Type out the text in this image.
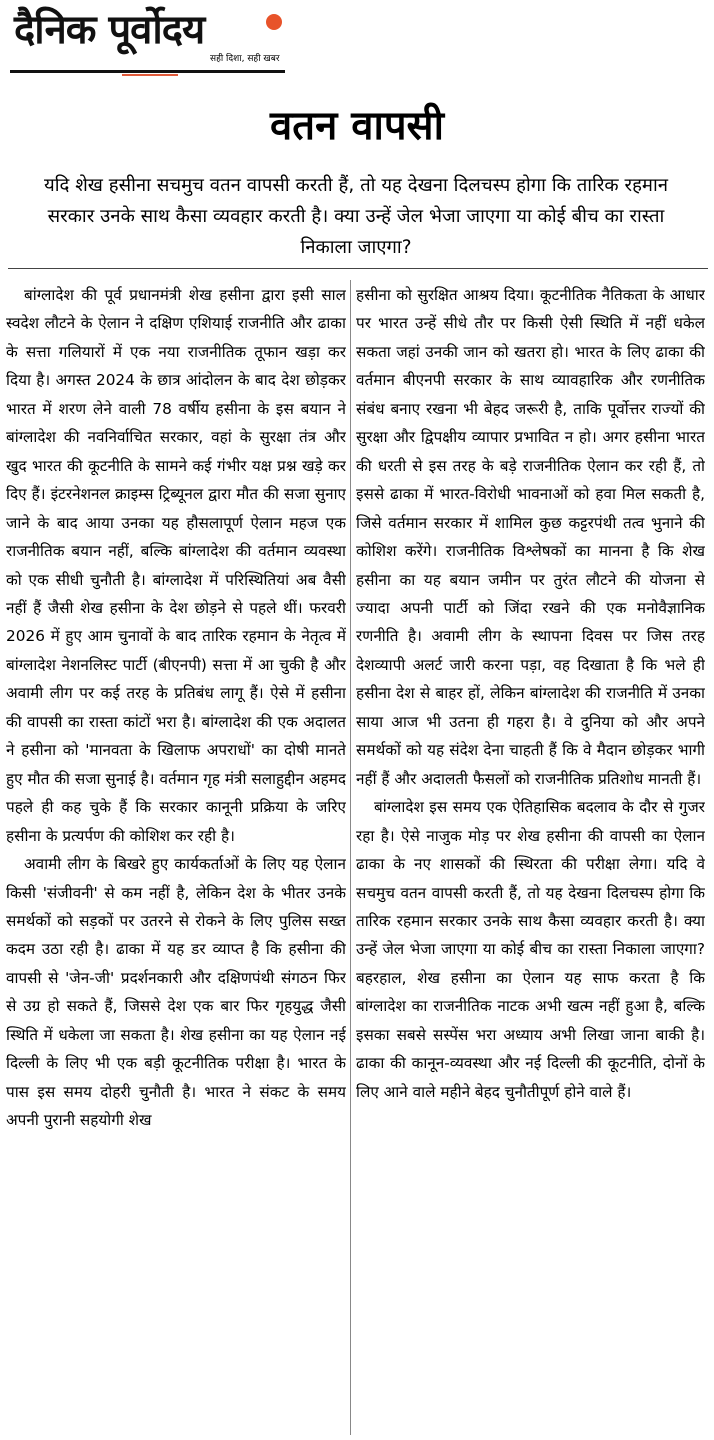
दैनिक पूर्वोदय
सही दिशा, सही खबर
वतन वापसी
यदि शेख हसीना सचमुच वतन वापसी करती हैं, तो यह देखना दिलचस्प होगा कि तारिक रहमान सरकार उनके साथ कैसा व्यवहार करती है। क्या उन्हें जेल भेजा जाएगा या कोई बीच का रास्ता निकाला जाएगा?

बांग्लादेश की पूर्व प्रधानमंत्री शेख हसीना द्वारा इसी साल स्वदेश लौटने के ऐलान ने दक्षिण एशियाई राजनीति और ढाका के सत्ता गलियारों में एक नया राजनीतिक तूफान खड़ा कर दिया है। अगस्त 2024 के छात्र आंदोलन के बाद देश छोड़कर भारत में शरण लेने वाली 78 वर्षीय हसीना के इस बयान ने बांग्लादेश की नवनिर्वाचित सरकार, वहां के सुरक्षा तंत्र और खुद भारत की कूटनीति के सामने कई गंभीर यक्ष प्रश्न खड़े कर दिए हैं। इंटरनेशनल क्राइम्स ट्रिब्यूनल द्वारा मौत की सजा सुनाए जाने के बाद आया उनका यह हौसलापूर्ण ऐलान महज एक राजनीतिक बयान नहीं, बल्कि बांग्लादेश की वर्तमान व्यवस्था को एक सीधी चुनौती है। बांग्लादेश में परिस्थितियां अब वैसी नहीं हैं जैसी शेख हसीना के देश छोड़ने से पहले थीं। फरवरी 2026 में हुए आम चुनावों के बाद तारिक रहमान के नेतृत्व में बांग्लादेश नेशनलिस्ट पार्टी (बीएनपी) सत्ता में आ चुकी है और अवामी लीग पर कई तरह के प्रतिबंध लागू हैं। ऐसे में हसीना की वापसी का रास्ता कांटों भरा है। बांग्लादेश की एक अदालत ने हसीना को 'मानवता के खिलाफ अपराधों' का दोषी मानते हुए मौत की सजा सुनाई है। वर्तमान गृह मंत्री सलाहुद्दीन अहमद पहले ही कह चुके हैं कि सरकार कानूनी प्रक्रिया के जरिए हसीना के प्रत्यर्पण की कोशिश कर रही है।

अवामी लीग के बिखरे हुए कार्यकर्ताओं के लिए यह ऐलान किसी 'संजीवनी' से कम नहीं है, लेकिन देश के भीतर उनके समर्थकों को सड़कों पर उतरने से रोकने के लिए पुलिस सख्त कदम उठा रही है। ढाका में यह डर व्याप्त है कि हसीना की वापसी से 'जेन-जी' प्रदर्शनकारी और दक्षिणपंथी संगठन फिर से उग्र हो सकते हैं, जिससे देश एक बार फिर गृहयुद्ध जैसी स्थिति में धकेला जा सकता है। शेख हसीना का यह ऐलान नई दिल्ली के लिए भी एक बड़ी कूटनीतिक परीक्षा है। भारत के पास इस समय दोहरी चुनौती है। भारत ने संकट के समय अपनी पुरानी सहयोगी शेख

हसीना को सुरक्षित आश्रय दिया। कूटनीतिक नैतिकता के आधार पर भारत उन्हें सीधे तौर पर किसी ऐसी स्थिति में नहीं धकेल सकता जहां उनकी जान को खतरा हो। भारत के लिए ढाका की वर्तमान बीएनपी सरकार के साथ व्यावहारिक और रणनीतिक संबंध बनाए रखना भी बेहद जरूरी है, ताकि पूर्वोत्तर राज्यों की सुरक्षा और द्विपक्षीय व्यापार प्रभावित न हो। अगर हसीना भारत की धरती से इस तरह के बड़े राजनीतिक ऐलान कर रही हैं, तो इससे ढाका में भारत-विरोधी भावनाओं को हवा मिल सकती है, जिसे वर्तमान सरकार में शामिल कुछ कट्टरपंथी तत्व भुनाने की कोशिश करेंगे। राजनीतिक विश्लेषकों का मानना है कि शेख हसीना का यह बयान जमीन पर तुरंत लौटने की योजना से ज्यादा अपनी पार्टी को जिंदा रखने की एक मनोवैज्ञानिक रणनीति है। अवामी लीग के स्थापना दिवस पर जिस तरह देशव्यापी अलर्ट जारी करना पड़ा, वह दिखाता है कि भले ही हसीना देश से बाहर हों, लेकिन बांग्लादेश की राजनीति में उनका साया आज भी उतना ही गहरा है। वे दुनिया को और अपने समर्थकों को यह संदेश देना चाहती हैं कि वे मैदान छोड़कर भागी नहीं हैं और अदालती फैसलों को राजनीतिक प्रतिशोध मानती हैं।

बांग्लादेश इस समय एक ऐतिहासिक बदलाव के दौर से गुजर रहा है। ऐसे नाजुक मोड़ पर शेख हसीना की वापसी का ऐलान ढाका के नए शासकों की स्थिरता की परीक्षा लेगा। यदि वे सचमुच वतन वापसी करती हैं, तो यह देखना दिलचस्प होगा कि तारिक रहमान सरकार उनके साथ कैसा व्यवहार करती है। क्या उन्हें जेल भेजा जाएगा या कोई बीच का रास्ता निकाला जाएगा? बहरहाल, शेख हसीना का ऐलान यह साफ करता है कि बांग्लादेश का राजनीतिक नाटक अभी खत्म नहीं हुआ है, बल्कि इसका सबसे सस्पेंस भरा अध्याय अभी लिखा जाना बाकी है। ढाका की कानून-व्यवस्था और नई दिल्ली की कूटनीति, दोनों के लिए आने वाले महीने बेहद चुनौतीपूर्ण होने वाले हैं।
